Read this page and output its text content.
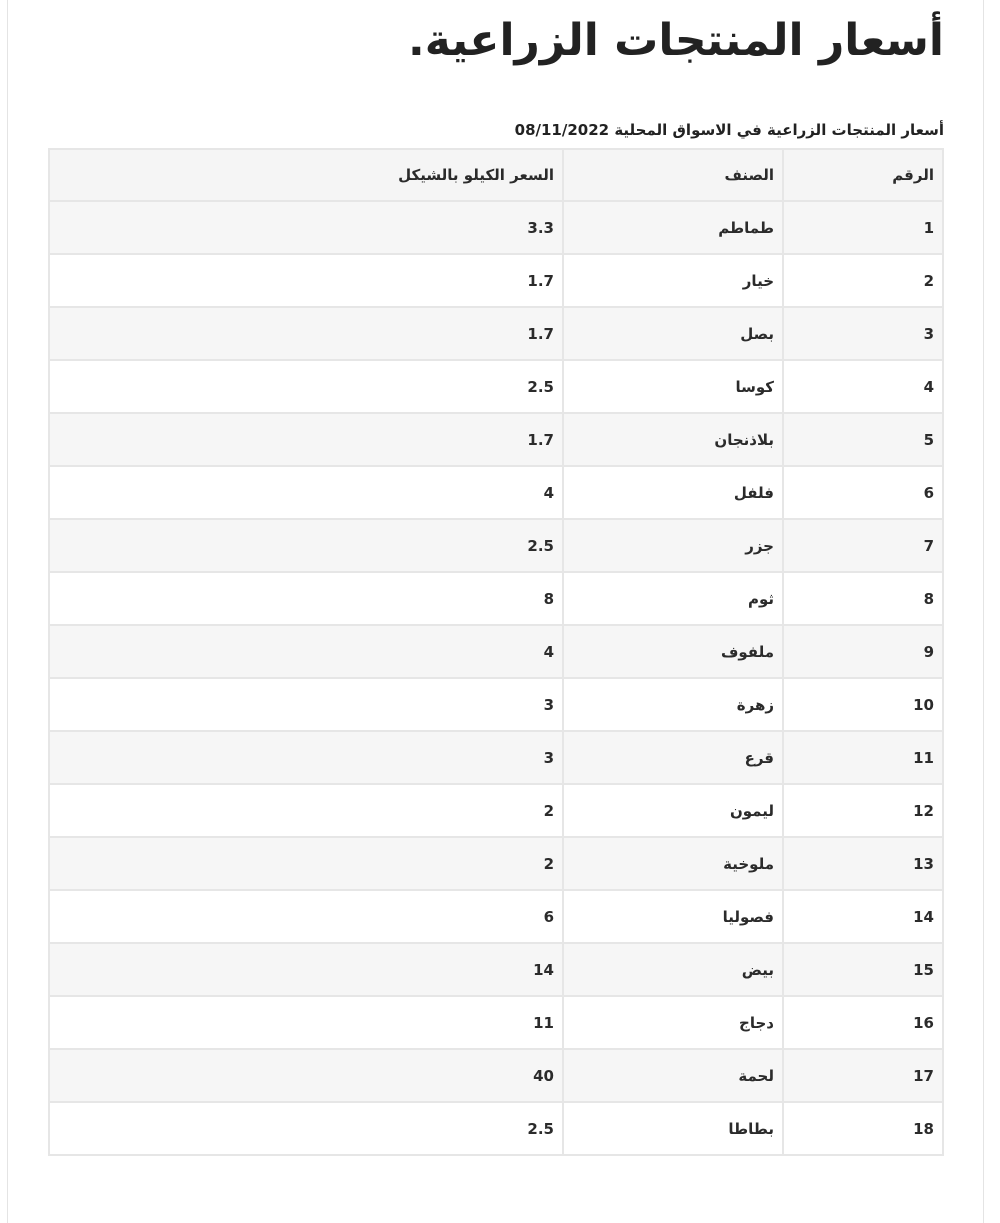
أسعار المنتجات الزراعية.
أسعار المنتجات الزراعية في الاسواق المحلية 08/11/2022
الرقم	الصنف	السعر الكيلو بالشيكل
1	طماطم	3.3
2	خيار	1.7
3	بصل	1.7
4	كوسا	2.5
5	بلاذنجان	1.7
6	فلفل	4
7	جزر	2.5
8	ثوم	8
9	ملفوف	4
10	زهرة	3
11	قرع	3
12	ليمون	2
13	ملوخية	2
14	فصوليا	6
15	بيض	14
16	دجاج	11
17	لحمة	40
18	بطاطا	2.5
